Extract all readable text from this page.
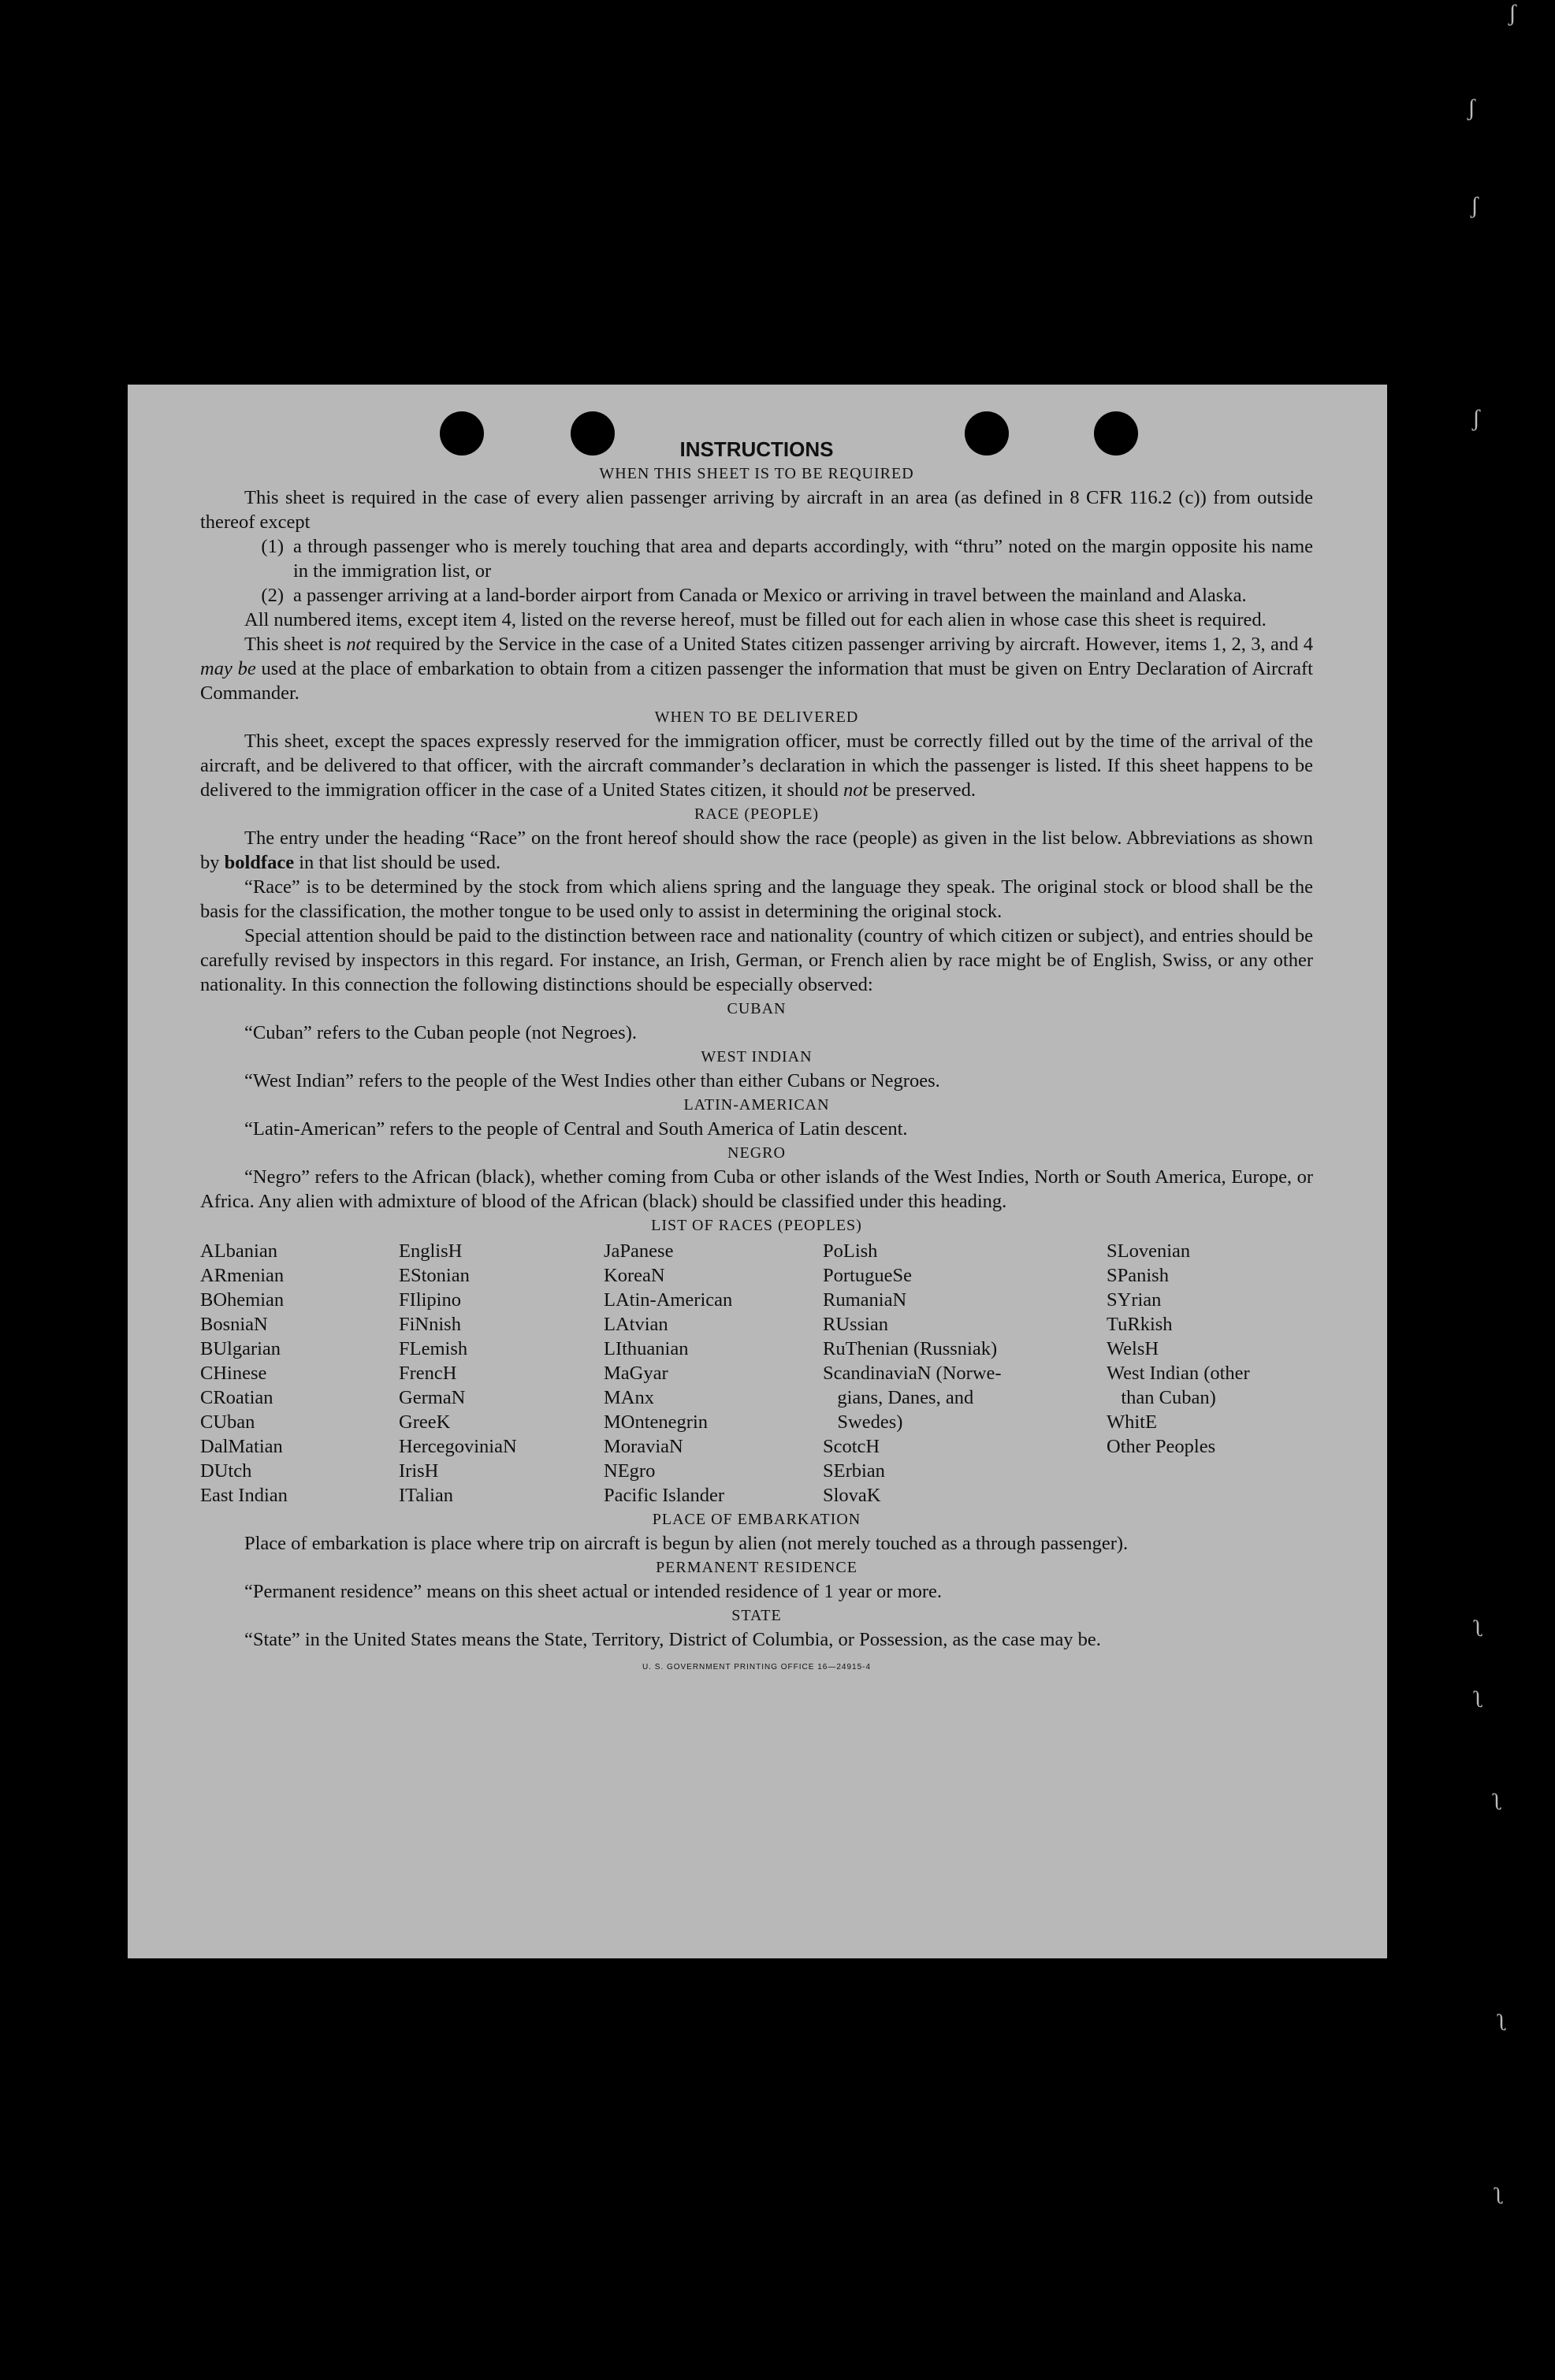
INSTRUCTIONS
WHEN THIS SHEET IS TO BE REQUIRED

This sheet is required in the case of every alien passenger arriving by aircraft in an area (as defined in 8 CFR 116.2 (c)) from outside thereof except

(1) a through passenger who is merely touching that area and departs accordingly, with “thru” noted on the margin opposite his name in the immigration list, or
(2) a passenger arriving at a land-border airport from Canada or Mexico or arriving in travel between the mainland and Alaska.

All numbered items, except item 4, listed on the reverse hereof, must be filled out for each alien in whose case this sheet is required.

This sheet is not required by the Service in the case of a United States citizen passenger arriving by aircraft. However, items 1, 2, 3, and 4 may be used at the place of embarkation to obtain from a citizen passenger the information that must be given on Entry Declaration of Aircraft Commander.

WHEN TO BE DELIVERED

This sheet, except the spaces expressly reserved for the immigration officer, must be correctly filled out by the time of the arrival of the aircraft, and be delivered to that officer, with the aircraft commander’s declaration in which the passenger is listed. If this sheet happens to be delivered to the immigration officer in the case of a United States citizen, it should not be preserved.

RACE (PEOPLE)

The entry under the heading “Race” on the front hereof should show the race (people) as given in the list below. Abbreviations as shown by boldface in that list should be used.

“Race” is to be determined by the stock from which aliens spring and the language they speak. The original stock or blood shall be the basis for the classification, the mother tongue to be used only to assist in determining the original stock.

Special attention should be paid to the distinction between race and nationality (country of which citizen or subject), and entries should be carefully revised by inspectors in this regard. For instance, an Irish, German, or French alien by race might be of English, Swiss, or any other nationality. In this connection the following distinctions should be especially observed:

CUBAN

“Cuban” refers to the Cuban people (not Negroes).

WEST INDIAN

“West Indian” refers to the people of the West Indies other than either Cubans or Negroes.

LATIN-AMERICAN

“Latin-American” refers to the people of Central and South America of Latin descent.

NEGRO

“Negro” refers to the African (black), whether coming from Cuba or other islands of the West Indies, North or South America, Europe, or Africa. Any alien with admixture of blood of the African (black) should be classified under this heading.

LIST OF RACES (PEOPLES)
ALbanian
ARmenian
BOhemian
BosniaN
BUlgarian
CHinese
CRoatian
CUban
DalMatian
DUtch
East Indian
EnglisH
EStonian
FIlipino
FiNnish
FLemish
FrencH
GermaN
GreeK
HercegoviniaN
IrisH
ITalian
JaPanese
KoreaN
LAtin-American
LAtvian
LIthuanian
MaGyar
MAnx
MOntenegrin
MoraviaN
NEgro
Pacific Islander
PoLish
PortugueSe
RumaniaN
RUssian
RuThenian (Russniak)
ScandinaviaN (Norwe-
gians, Danes, and
Swedes)
ScotcH
SErbian
SlovaK
SLovenian
SPanish
SYrian
TuRkish
WelsH
West Indian (other
than Cuban)
WhitE
Other Peoples
PLACE OF EMBARKATION

Place of embarkation is place where trip on aircraft is begun by alien (not merely touched as a through passenger).

PERMANENT RESIDENCE

“Permanent residence” means on this sheet actual or intended residence of 1 year or more.

STATE

“State” in the United States means the State, Territory, District of Columbia, or Possession, as the case may be.

U. S. GOVERNMENT PRINTING OFFICE 16—24915-4
ʃ
ʃ
ʃ
ʃ
ʅ
ʅ
ʅ
ʅ
ʅ
